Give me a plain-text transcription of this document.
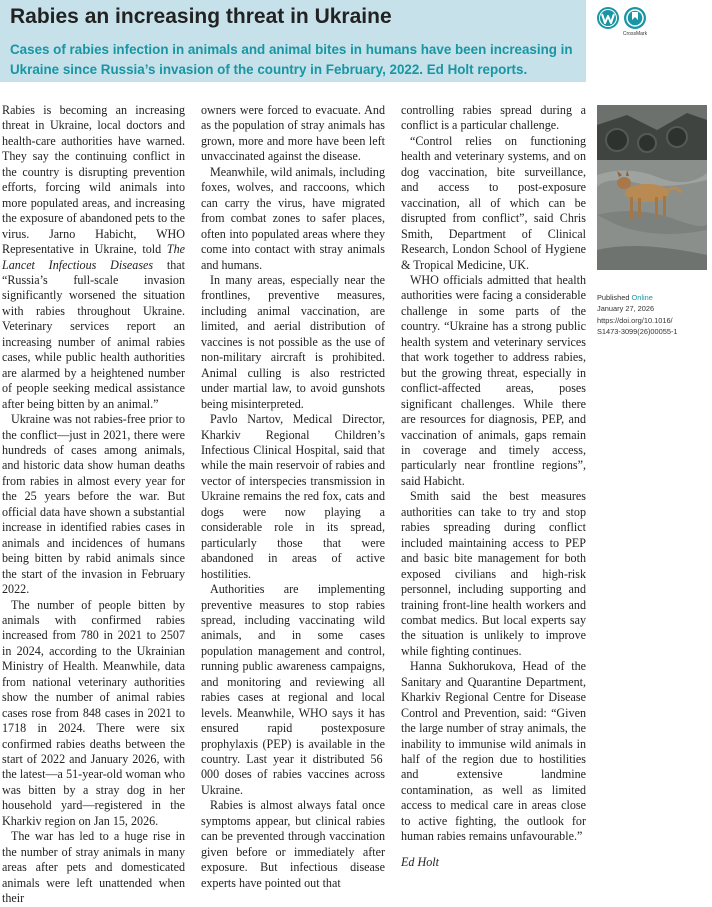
Rabies an increasing threat in Ukraine
Cases of rabies infection in animals and animal bites in humans have been increasing in Ukraine since Russia’s invasion of the country in February, 2022. Ed Holt reports.
CrossMark

Rabies is becoming an increasing threat in Ukraine, local doctors and health-care authorities have warned. They say the continuing conflict in the country is disrupting prevention efforts, forcing wild animals into more populated areas, and increasing the exposure of abandoned pets to the virus. Jarno Habicht, WHO Representative in Ukraine, told The Lancet Infectious Diseases that “Russia’s full-scale invasion significantly worsened the situation with rabies throughout Ukraine. Veterinary services report an increasing number of animal rabies cases, while public health authorities are alarmed by a heightened number of people seeking medical assistance after being bitten by an animal.”

Ukraine was not rabies-free prior to the conflict—just in 2021, there were hundreds of cases among animals, and historic data show human deaths from rabies in almost every year for the 25 years before the war. But official data have shown a substantial increase in identified rabies cases in animals and incidences of humans being bitten by rabid animals since the start of the invasion in February 2022.

The number of people bitten by animals with confirmed rabies increased from 780 in 2021 to 2507 in 2024, according to the Ukrainian Ministry of Health. Meanwhile, data from national veterinary authorities show the number of animal rabies cases rose from 848 cases in 2021 to 1718 in 2024. There were six confirmed rabies deaths between the start of 2022 and January 2026, with the latest—a 51-year-old woman who was bitten by a stray dog in her household yard—registered in the Kharkiv region on Jan 15, 2026.

The war has led to a huge rise in the number of stray animals in many areas after pets and domesticated animals were left unattended when their

owners were forced to evacuate. And as the population of stray animals has grown, more and more have been left unvaccinated against the disease.

Meanwhile, wild animals, including foxes, wolves, and raccoons, which can carry the virus, have migrated from combat zones to safer places, often into populated areas where they come into contact with stray animals and humans.

In many areas, especially near the frontlines, preventive measures, including animal vaccination, are limited, and aerial distribution of vaccines is not possible as the use of non-military aircraft is prohibited. Animal culling is also restricted under martial law, to avoid gunshots being misinterpreted.

Pavlo Nartov, Medical Director, Kharkiv Regional Children’s Infectious Clinical Hospital, said that while the main reservoir of rabies and vector of interspecies transmission in Ukraine remains the red fox, cats and dogs were now playing a considerable role in its spread, particularly those that were abandoned in areas of active hostilities.

Authorities are implementing preventive measures to stop rabies spread, including vaccinating wild animals, and in some cases population management and control, running public awareness campaigns, and monitoring and reviewing all rabies cases at regional and local levels. Meanwhile, WHO says it has ensured rapid postexposure prophylaxis (PEP) is available in the country. Last year it distributed 56 000 doses of rabies vaccines across Ukraine.

Rabies is almost always fatal once symptoms appear, but clinical rabies can be prevented through vaccination given before or immediately after exposure. But infectious disease experts have pointed out that

controlling rabies spread during a conflict is a particular challenge.

“Control relies on functioning health and veterinary systems, and on dog vaccination, bite surveillance, and access to post-exposure vaccination, all of which can be disrupted from conflict”, said Chris Smith, Department of Clinical Research, London School of Hygiene & Tropical Medicine, UK.

WHO officials admitted that health authorities were facing a considerable challenge in some parts of the country. “Ukraine has a strong public health system and veterinary services that work together to address rabies, but the growing threat, especially in conflict-affected areas, poses significant challenges. While there are resources for diagnosis, PEP, and vaccination of animals, gaps remain in coverage and timely access, particularly near frontline regions”, said Habicht.

Smith said the best measures authorities can take to try and stop rabies spreading during conflict included maintaining access to PEP and basic bite management for both exposed civilians and high-risk personnel, including supporting and training front-line health workers and combat medics. But local experts say the situation is unlikely to improve while fighting continues.

Hanna Sukhorukova, Head of the Sanitary and Quarantine Department, Kharkiv Regional Centre for Disease Control and Prevention, said: “Given the large number of stray animals, the inability to immunise wild animals in half of the region due to hostilities and extensive landmine contamination, as well as limited access to medical care in areas close to active fighting, the outlook for human rabies remains unfavourable.”

Ed Holt

Published Online
January 27, 2026
https://doi.org/10.1016/
S1473-3099(26)00055-1
